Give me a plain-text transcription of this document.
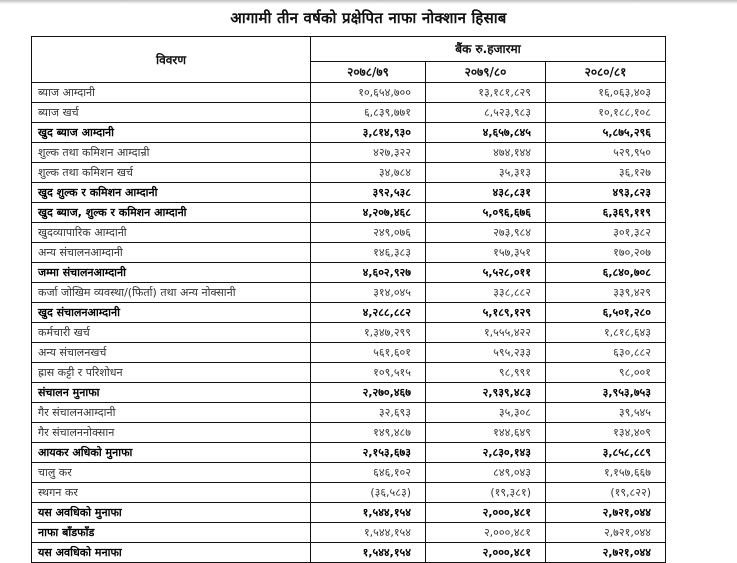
आगामी तीन वर्षको प्रक्षेपित नाफा नोक्शान हिसाब
विवरण	बैंक रु.हजारमा		
	२०७८/७९	२०७९/८०	२०८०/८१
ब्याज आम्दानी	१०,६५४,७००	१३,१८१,८२९	१६,०६३,४०३
ब्याज खर्च	६,८३९,७७१	८,५२३,९८३	१०,१८८,१०८
खुद ब्याज आम्दानी	३,८१४,९३०	४,६५७,८४५	५,८७५,२९६
शुल्क तथा कमिशन आम्दान्री	४२७,३२२	४७४,१४४	५२९,९५०
शुल्क तथा कमिशन खर्च	३४,७८४	३५,३१३	३६,१२७
खुद शुल्क र कमिशन आम्दानी	३९२,५३८	४३८,८३१	४९३,८२३
खुद ब्याज, शुल्क र कमिशन आम्दानी	४,२०७,४६८	५,०९६,६७६	६,३६९,११९
खुदव्यापारिक आम्दानी	२४९,०७६	२७३,९८४	३०१,३८२
अन्य संचालनआम्दानी	१४६,३८३	१५७,३५१	१७०,२०७
जम्मा संचालनआम्दानी	४,६०२,९२७	५,५२८,०११	६,८४०,७०८
कर्जा जोखिम व्यवस्था/(फिर्ता) तथा अन्य नोक्सानी	३१४,०४५	३३८,८८२	३३९,४२९
खुद संचालनआम्दानी	४,२८८,८८२	५,१८९,१२९	६,५०१,२८०
कर्मचारी खर्च	१,३४७,२९९	१,५५५,४२२	१,८१८,६४३
अन्य संचालनखर्च	५६१,६०१	५९५,२३३	६३०,८८२
ह्रास कट्टी र परिशोधन	१०९,५१५	९८,९९१	९८,००१
संचालन मुनाफा	२,२७०,४६७	२,९३९,४८३	३,९५३,७५३
गैर संचालनआम्दानी	३२,६९३	३५,३०८	३९,५४५
गैर संचालननोक्सान	१४९,४८७	१४४,६४९	१३४,४०९
आयकर अधिको मुनाफा	२,१५३,६७३	२,८३०,१४३	३,८५८,८८९
चालु कर	६४६,१०२	८४९,०४३	१,१५७,६६७
स्थगन कर	(३६,५८३)	(१९,३८१)	(१९,८२२)
यस अवधिको मुनाफा	१,५४४,१५४	२,०००,४८१	२,७२१,०४४
नाफा बाँडफाँड	१,५४४,१५४	२,०००,४८१	२,७२१,०४४
यस अवधिको मनाफा	१,५४४,१५४	२,०००,४८१	२,७२१,०४४
